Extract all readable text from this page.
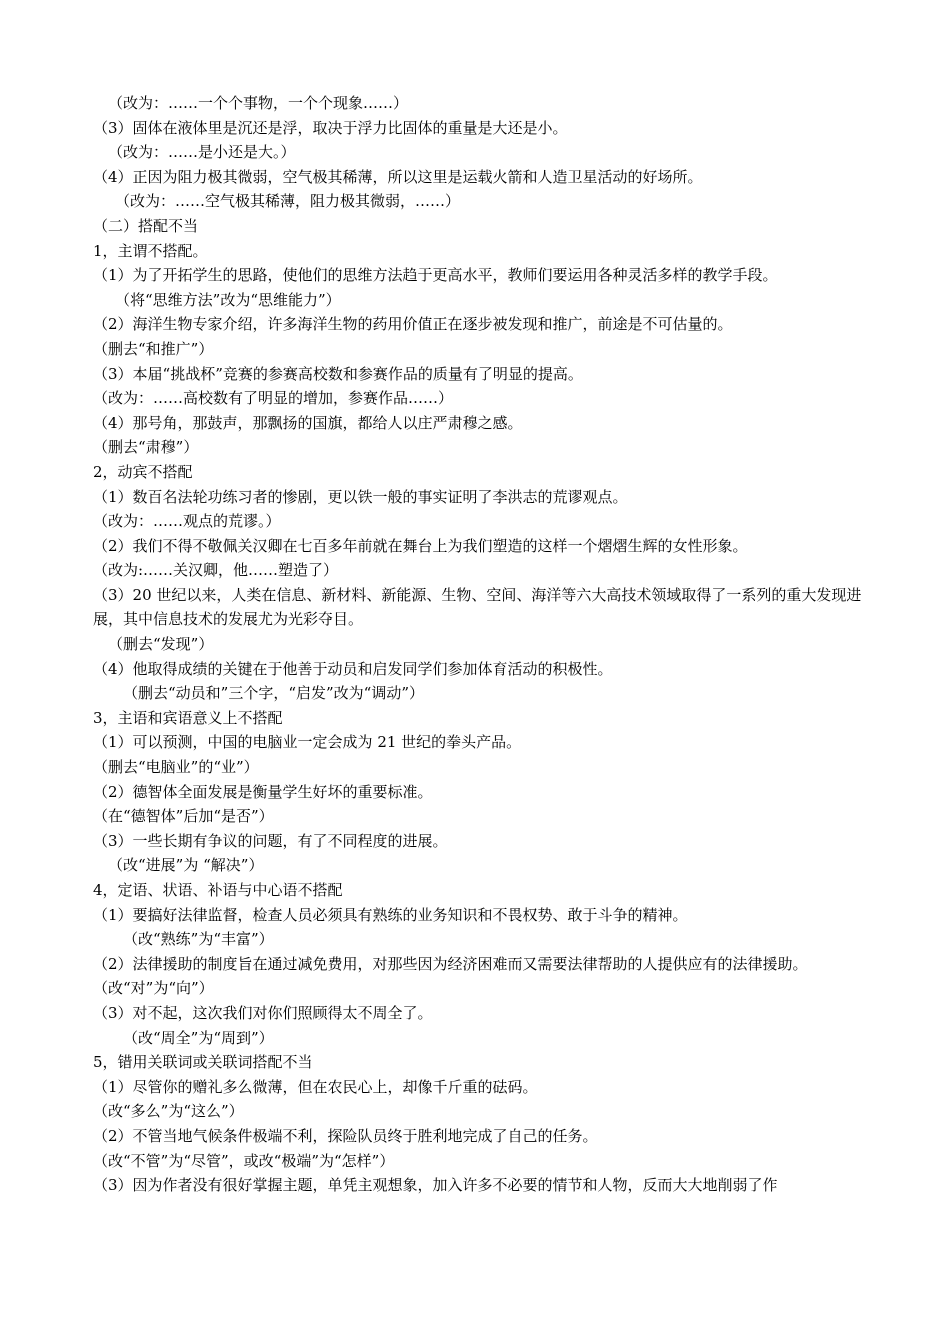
（改为：……一个个事物，一个个现象……）
（3）固体在液体里是沉还是浮，取决于浮力比固体的重量是大还是小。
（改为：……是小还是大。）
（4）正因为阻力极其微弱，空气极其稀薄，所以这里是运载火箭和人造卫星活动的好场所。
（改为：……空气极其稀薄，阻力极其微弱，……）
（二）搭配不当
1，主谓不搭配。
（1）为了开拓学生的思路，使他们的思维方法趋于更高水平，教师们要运用各种灵活多样的教学手段。
（将“思维方法”改为“思维能力”）
（2）海洋生物专家介绍，许多海洋生物的药用价值正在逐步被发现和推广，前途是不可估量的。
（删去“和推广”）
（3）本届“挑战杯”竞赛的参赛高校数和参赛作品的质量有了明显的提高。
（改为：……高校数有了明显的增加，参赛作品……）
（4）那号角，那鼓声，那飘扬的国旗，都给人以庄严肃穆之感。
（删去“肃穆”）
2，动宾不搭配
（1）数百名法轮功练习者的惨剧，更以铁一般的事实证明了李洪志的荒谬观点。
（改为：……观点的荒谬。）
（2）我们不得不敬佩关汉卿在七百多年前就在舞台上为我们塑造的这样一个熠熠生辉的女性形象。
（改为:……关汉卿，他……塑造了）
（3）20 世纪以来，人类在信息、新材料、新能源、生物、空间、海洋等六大高技术领域取得了一系列的重大发现进展，其中信息技术的发展尤为光彩夺目。
（删去“发现”）
（4）他取得成绩的关键在于他善于动员和启发同学们参加体育活动的积极性。
（删去“动员和”三个字，“启发”改为“调动”）
3，主语和宾语意义上不搭配
（1）可以预测，中国的电脑业一定会成为 21 世纪的拳头产品。
（删去“电脑业”的“业”）
（2）德智体全面发展是衡量学生好坏的重要标准。
（在“德智体”后加“是否”）
（3）一些长期有争议的问题，有了不同程度的进展。
（改“进展”为 “解决”）
4，定语、状语、补语与中心语不搭配
（1）要搞好法律监督，检查人员必须具有熟练的业务知识和不畏权势、敢于斗争的精神。
（改“熟练”为“丰富”）
（2）法律援助的制度旨在通过减免费用，对那些因为经济困难而又需要法律帮助的人提供应有的法律援助。
（改“对”为“向”）
（3）对不起，这次我们对你们照顾得太不周全了。
（改“周全”为“周到”）
5，错用关联词或关联词搭配不当
（1）尽管你的赠礼多么微薄，但在农民心上，却像千斤重的砝码。
（改“多么”为“这么”）
（2）不管当地气候条件极端不利，探险队员终于胜利地完成了自己的任务。
（改“不管”为“尽管”，或改“极端”为“怎样”）
（3）因为作者没有很好掌握主题，单凭主观想象，加入许多不必要的情节和人物，反而大大地削弱了作
